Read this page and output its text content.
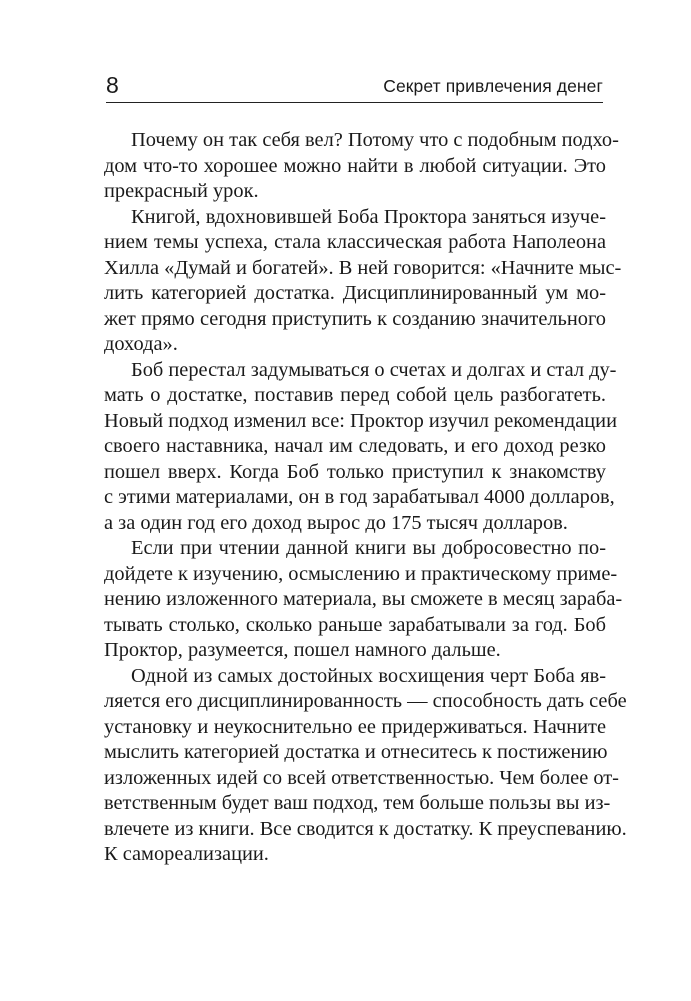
8	Секрет привлечения денег
Почему он так себя вел? Потому что с подобным подхо-
дом что-то хорошее можно найти в любой ситуации. Это
прекрасный урок.
Книгой, вдохновившей Боба Проктора заняться изуче-
нием темы успеха, стала классическая работа Наполеона
Хилла «Думай и богатей». В ней говорится: «Начните мыс-
лить категорией достатка. Дисциплинированный ум мо-
жет прямо сегодня приступить к созданию значительного
дохода».
Боб перестал задумываться о счетах и долгах и стал ду-
мать о достатке, поставив перед собой цель разбогатеть.
Новый подход изменил все: Проктор изучил рекомендации
своего наставника, начал им следовать, и его доход резко
пошел вверх. Когда Боб только приступил к знакомству
с этими материалами, он в год зарабатывал 4000 долларов,
а за один год его доход вырос до 175 тысяч долларов.
Если при чтении данной книги вы добросовестно по-
дойдете к изучению, осмыслению и практическому приме-
нению изложенного материала, вы сможете в месяц зараба-
тывать столько, сколько раньше зарабатывали за год. Боб
Проктор, разумеется, пошел намного дальше.
Одной из самых достойных восхищения черт Боба яв-
ляется его дисциплинированность — способность дать себе
установку и неукоснительно ее придерживаться. Начните
мыслить категорией достатка и отнеситесь к постижению
изложенных идей со всей ответственностью. Чем более от-
ветственным будет ваш подход, тем больше пользы вы из-
влечете из книги. Все сводится к достатку. К преуспеванию.
К самореализации.
